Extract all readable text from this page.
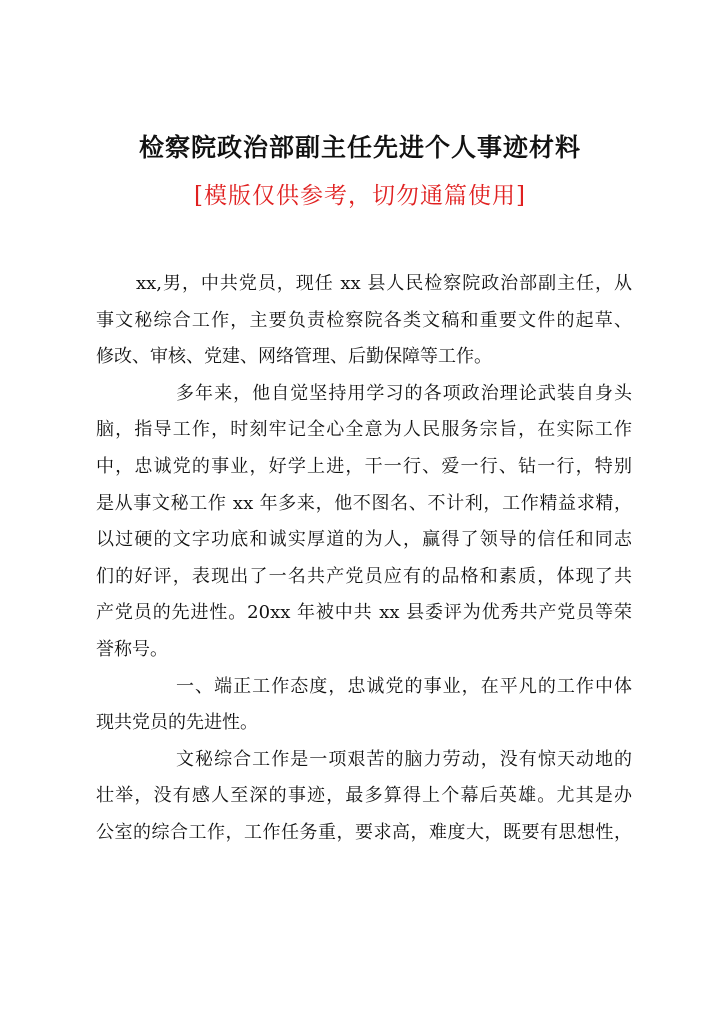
检察院政治部副主任先进个人事迹材料
[模版仅供参考，切勿通篇使用]
xx,男，中共党员，现任 xx 县人民检察院政治部副主任，从
事文秘综合工作，主要负责检察院各类文稿和重要文件的起草、
修改、审核、党建、网络管理、后勤保障等工作。
多年来，他自觉坚持用学习的各项政治理论武装自身头
脑，指导工作，时刻牢记全心全意为人民服务宗旨，在实际工作
中，忠诚党的事业，好学上进，干一行、爱一行、钻一行，特别
是从事文秘工作 xx 年多来，他不图名、不计利，工作精益求精，
以过硬的文字功底和诚实厚道的为人，赢得了领导的信任和同志
们的好评，表现出了一名共产党员应有的品格和素质，体现了共
产党员的先进性。20xx 年被中共 xx 县委评为优秀共产党员等荣
誉称号。
一、端正工作态度，忠诚党的事业，在平凡的工作中体
现共党员的先进性。
文秘综合工作是一项艰苦的脑力劳动，没有惊天动地的
壮举，没有感人至深的事迹，最多算得上个幕后英雄。尤其是办
公室的综合工作，工作任务重，要求高，难度大，既要有思想性，
